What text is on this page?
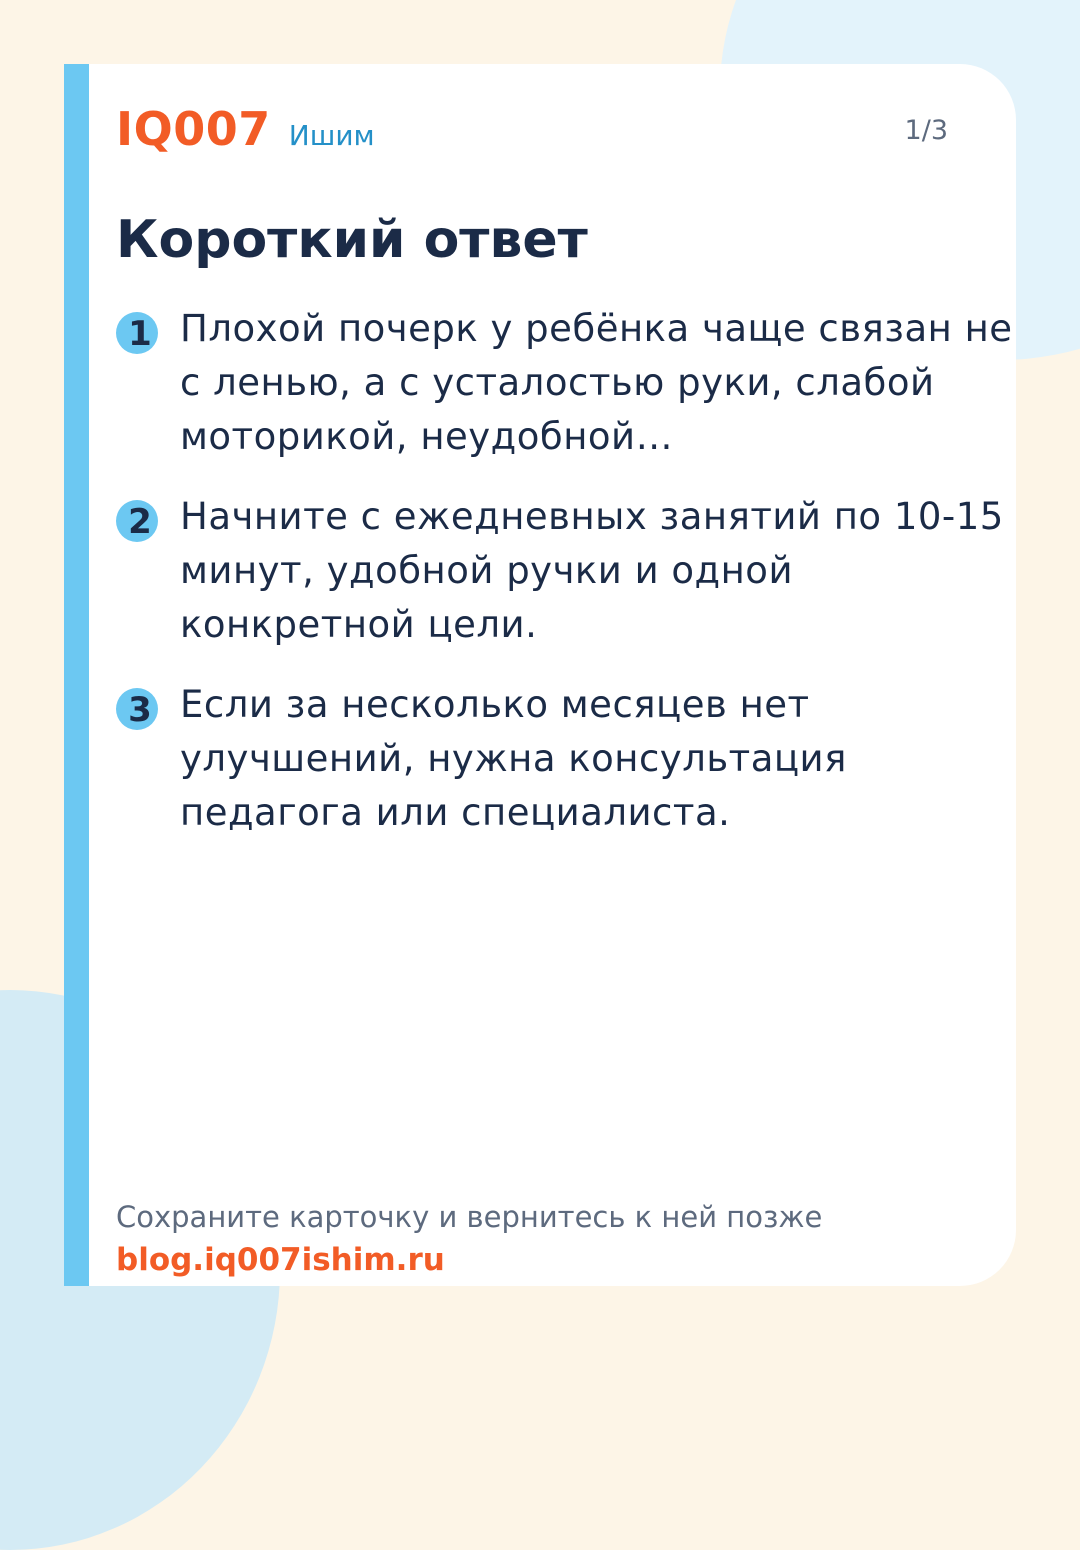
IQ007 Ишим	1/3
Короткий ответ
1 Плохой почерк у ребёнка чаще связан не с ленью, а с усталостью руки, слабой моторикой, неудобной…
2 Начните с ежедневных занятий по 10-15 минут, удобной ручки и одной конкретной цели.
3 Если за несколько месяцев нет улучшений, нужна консультация педагога или специалиста.
Сохраните карточку и вернитесь к ней позже
blog.iq007ishim.ru
